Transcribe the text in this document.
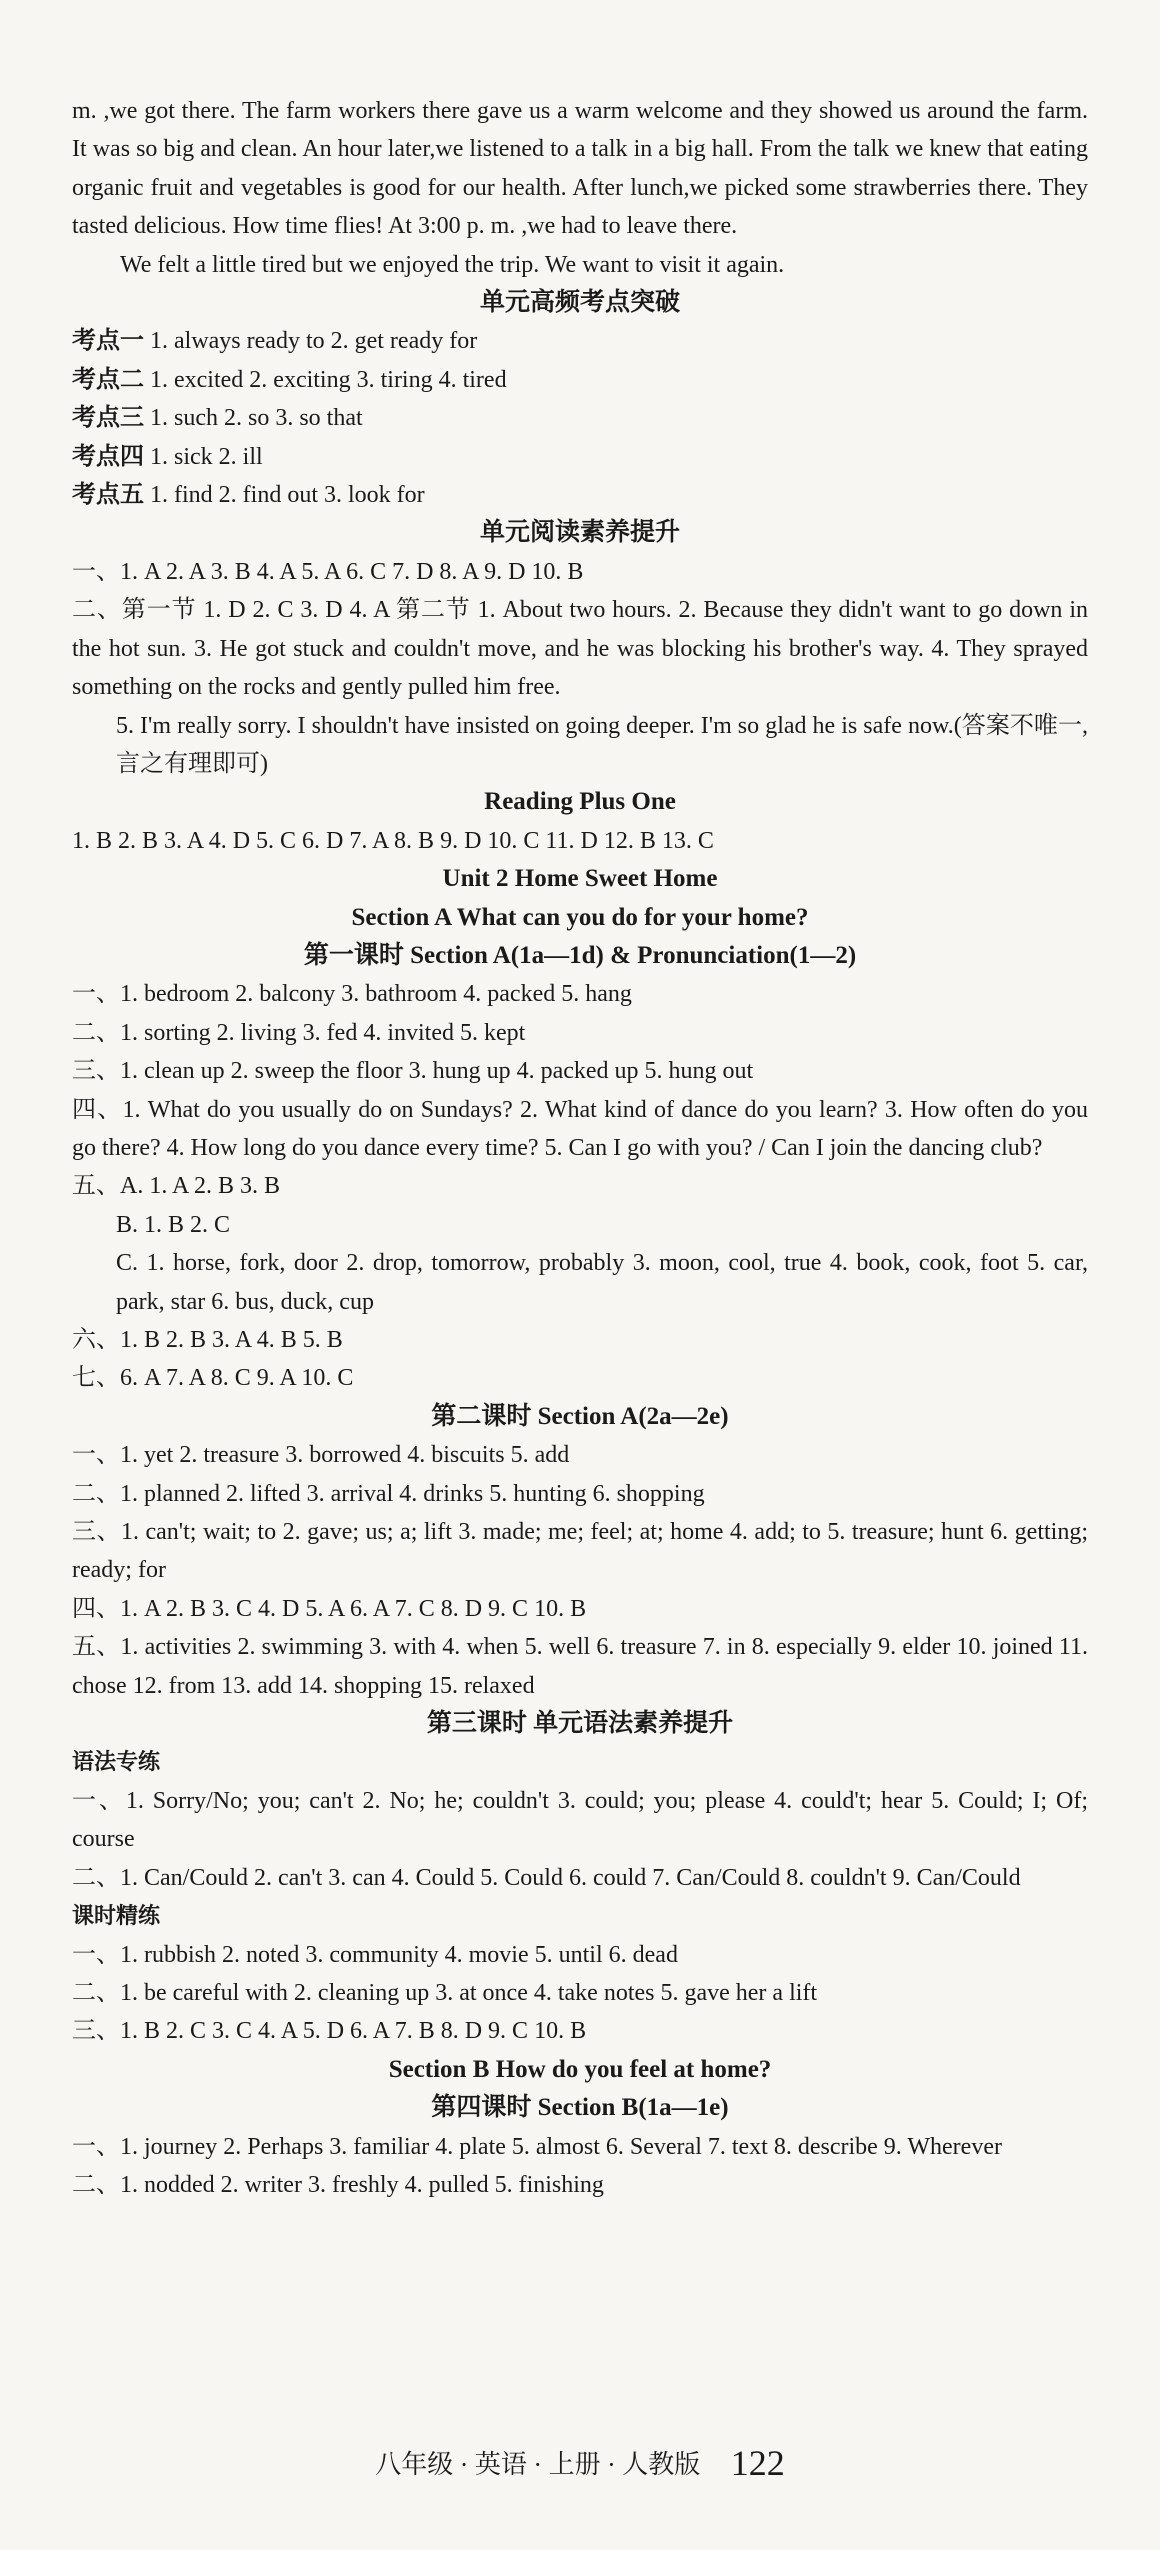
m. ,we got there. The farm workers there gave us a warm welcome and they showed us around the farm. It was so big and clean. An hour later,we listened to a talk in a big hall. From the talk we knew that eating organic fruit and vegetables is good for our health. After lunch,we picked some strawberries there. They tasted delicious. How time flies! At 3:00 p. m. ,we had to leave there.
We felt a little tired but we enjoyed the trip. We want to visit it again.
单元高频考点突破
考点一 1. always ready to 2. get ready for
考点二 1. excited 2. exciting 3. tiring 4. tired
考点三 1. such 2. so 3. so that
考点四 1. sick 2. ill
考点五 1. find 2. find out 3. look for
单元阅读素养提升
一、1. A 2. A 3. B 4. A 5. A 6. C 7. D 8. A 9. D 10. B
二、第一节 1. D 2. C 3. D 4. A 第二节 1. About two hours. 2. Because they didn't want to go down in the hot sun. 3. He got stuck and couldn't move, and he was blocking his brother's way. 4. They sprayed something on the rocks and gently pulled him free.
5. I'm really sorry. I shouldn't have insisted on going deeper. I'm so glad he is safe now.(答案不唯一,言之有理即可)
Reading Plus One
1. B 2. B 3. A 4. D 5. C 6. D 7. A 8. B 9. D 10. C 11. D 12. B 13. C
Unit 2 Home Sweet Home
Section A What can you do for your home?
第一课时 Section A(1a—1d) & Pronunciation(1—2)
一、1. bedroom 2. balcony 3. bathroom 4. packed 5. hang
二、1. sorting 2. living 3. fed 4. invited 5. kept
三、1. clean up 2. sweep the floor 3. hung up 4. packed up 5. hung out
四、1. What do you usually do on Sundays? 2. What kind of dance do you learn? 3. How often do you go there? 4. How long do you dance every time? 5. Can I go with you? / Can I join the dancing club?
五、A. 1. A 2. B 3. B
B. 1. B 2. C
C. 1. horse, fork, door 2. drop, tomorrow, probably 3. moon, cool, true 4. book, cook, foot 5. car, park, star 6. bus, duck, cup
六、1. B 2. B 3. A 4. B 5. B
七、6. A 7. A 8. C 9. A 10. C
第二课时 Section A(2a—2e)
一、1. yet 2. treasure 3. borrowed 4. biscuits 5. add
二、1. planned 2. lifted 3. arrival 4. drinks 5. hunting 6. shopping
三、1. can't; wait; to 2. gave; us; a; lift 3. made; me; feel; at; home 4. add; to 5. treasure; hunt 6. getting; ready; for
四、1. A 2. B 3. C 4. D 5. A 6. A 7. C 8. D 9. C 10. B
五、1. activities 2. swimming 3. with 4. when 5. well 6. treasure 7. in 8. especially 9. elder 10. joined 11. chose 12. from 13. add 14. shopping 15. relaxed
第三课时 单元语法素养提升
语法专练
一、1. Sorry/No; you; can't 2. No; he; couldn't 3. could; you; please 4. could't; hear 5. Could; I; Of; course
二、1. Can/Could 2. can't 3. can 4. Could 5. Could 6. could 7. Can/Could 8. couldn't 9. Can/Could
课时精练
一、1. rubbish 2. noted 3. community 4. movie 5. until 6. dead
二、1. be careful with 2. cleaning up 3. at once 4. take notes 5. gave her a lift
三、1. B 2. C 3. C 4. A 5. D 6. A 7. B 8. D 9. C 10. B
Section B How do you feel at home?
第四课时 Section B(1a—1e)
一、1. journey 2. Perhaps 3. familiar 4. plate 5. almost 6. Several 7. text 8. describe 9. Wherever
二、1. nodded 2. writer 3. freshly 4. pulled 5. finishing
八年级 · 英语 · 上册 · 人教版 122
